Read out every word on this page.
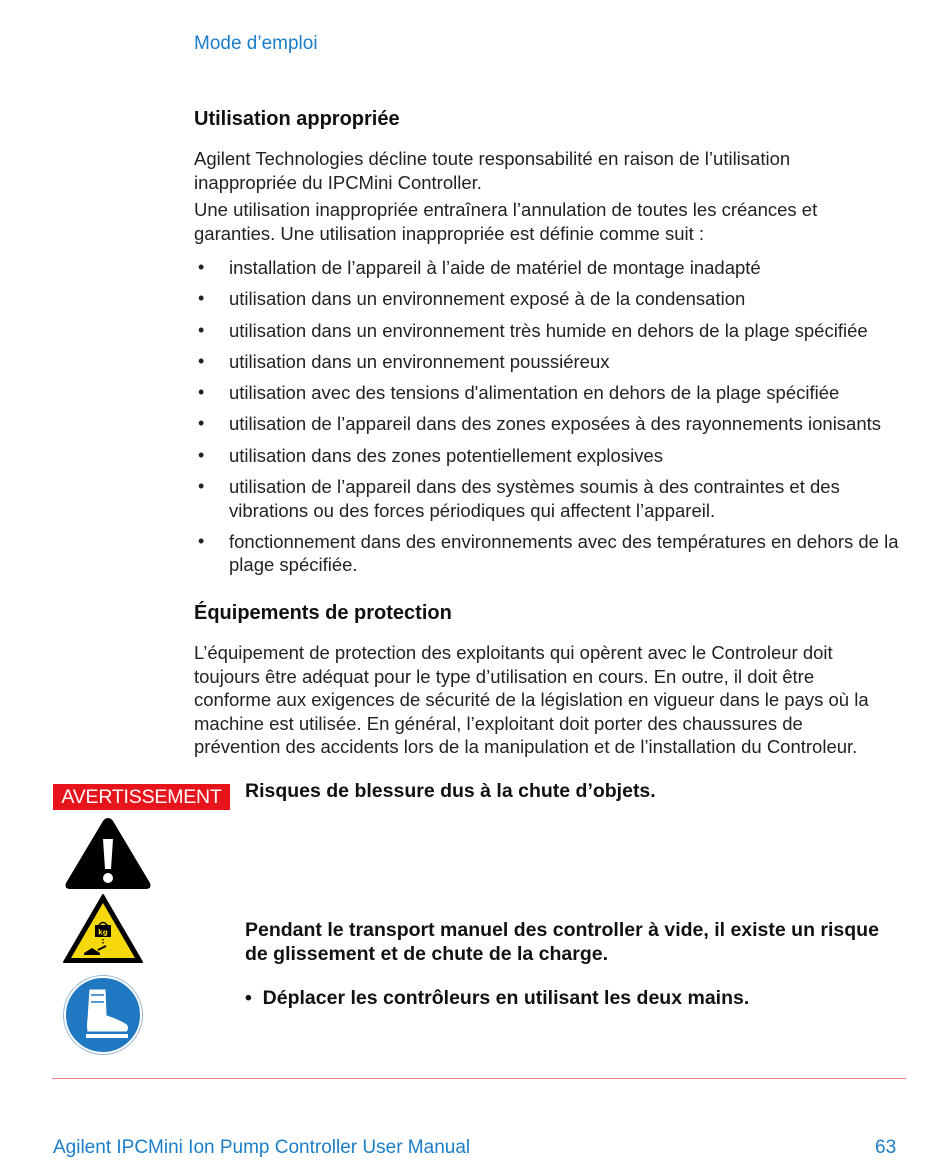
Mode d’emploi
Utilisation appropriée
Agilent Technologies décline toute responsabilité en raison de l’utilisation inappropriée du IPCMini Controller.
Une utilisation inappropriée entraînera l’annulation de toutes les créances et garanties. Une utilisation inappropriée est définie comme suit :
• installation de l’appareil à l’aide de matériel de montage inadapté
• utilisation dans un environnement exposé à de la condensation
• utilisation dans un environnement très humide en dehors de la plage spécifiée
• utilisation dans un environnement poussiéreux
• utilisation avec des tensions d'alimentation en dehors de la plage spécifiée
• utilisation de l’appareil dans des zones exposées à des rayonnements ionisants
• utilisation dans des zones potentiellement explosives
• utilisation de l’appareil dans des systèmes soumis à des contraintes et des vibrations ou des forces périodiques qui affectent l’appareil.
• fonctionnement dans des environnements avec des températures en dehors de la plage spécifiée.
Équipements de protection
L’équipement de protection des exploitants qui opèrent avec le Controleur doit toujours être adéquat pour le type d’utilisation en cours. En outre, il doit être conforme aux exigences de sécurité de la législation en vigueur dans le pays où la machine est utilisée. En général, l’exploitant doit porter des chaussures de prévention des accidents lors de la manipulation et de l’installation du Controleur.
AVERTISSEMENT	Risques de blessure dus à la chute d’objets.
kg	Pendant le transport manuel des controller à vide, il existe un risque de glissement et de chute de la charge.
• Déplacer les contrôleurs en utilisant les deux mains.
Agilent IPCMini Ion Pump Controller User Manual	63
